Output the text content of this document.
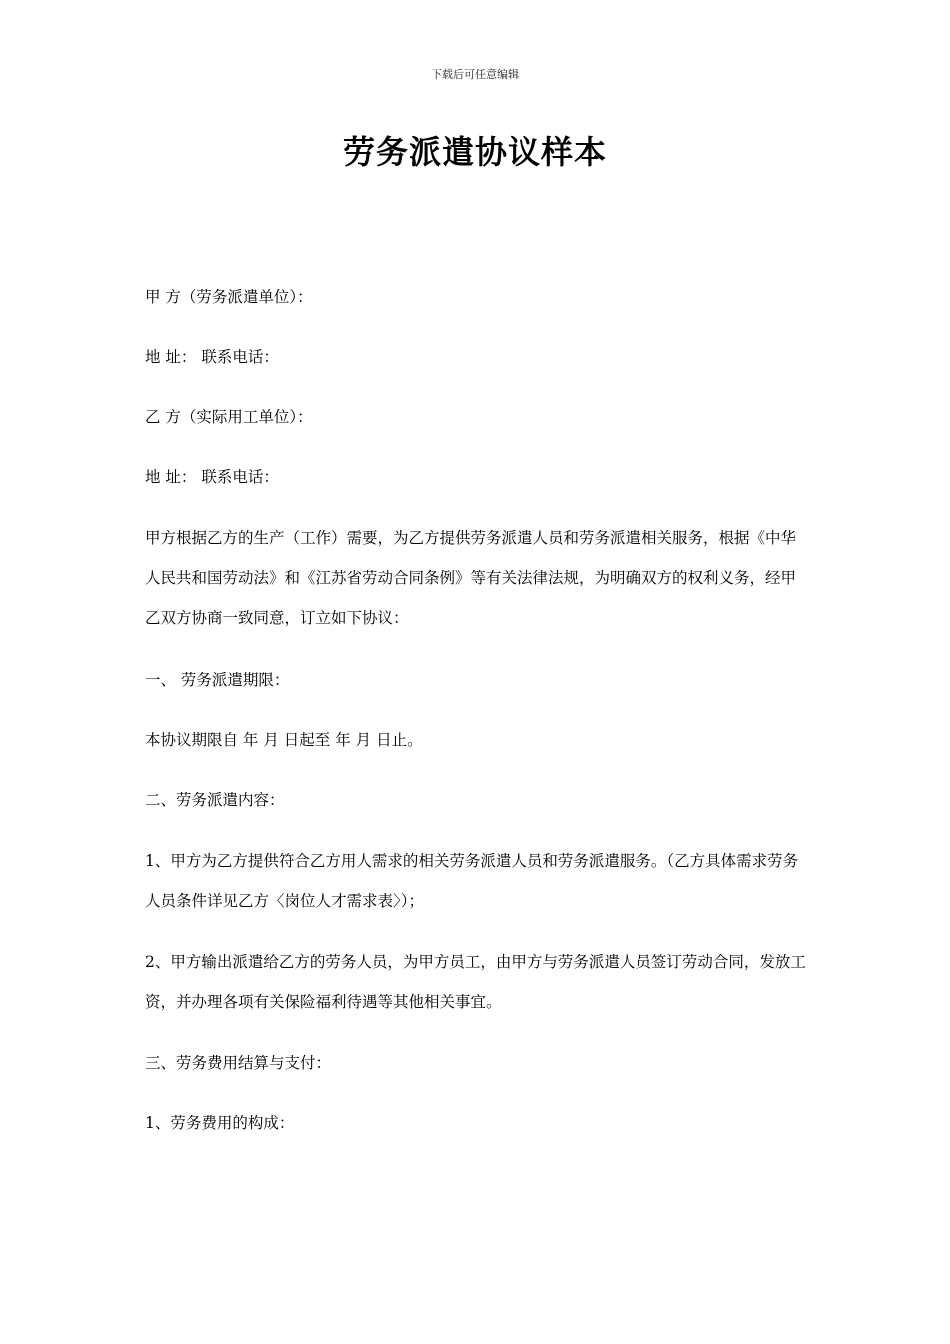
下载后可任意编辑
劳务派遣协议样本

甲 方（劳务派遣单位）：

地 址： 联系电话：

乙 方（实际用工单位）：

地 址： 联系电话：

甲方根据乙方的生产（工作）需要，为乙方提供劳务派遣人员和劳务派遣相关服务，根据《中华人民共和国劳动法》和《江苏省劳动合同条例》等有关法律法规，为明确双方的权利义务，经甲乙双方协商一致同意，订立如下协议：

一、 劳务派遣期限：

本协议期限自 年 月 日起至 年 月 日止。

二、劳务派遣内容：

1、甲方为乙方提供符合乙方用人需求的相关劳务派遣人员和劳务派遣服务。（乙方具体需求劳务人员条件详见乙方〈岗位人才需求表〉）；

2、甲方输出派遣给乙方的劳务人员，为甲方员工，由甲方与劳务派遣人员签订劳动合同，发放工资，并办理各项有关保险福利待遇等其他相关事宜。

三、劳务费用结算与支付：

1、劳务费用的构成：
